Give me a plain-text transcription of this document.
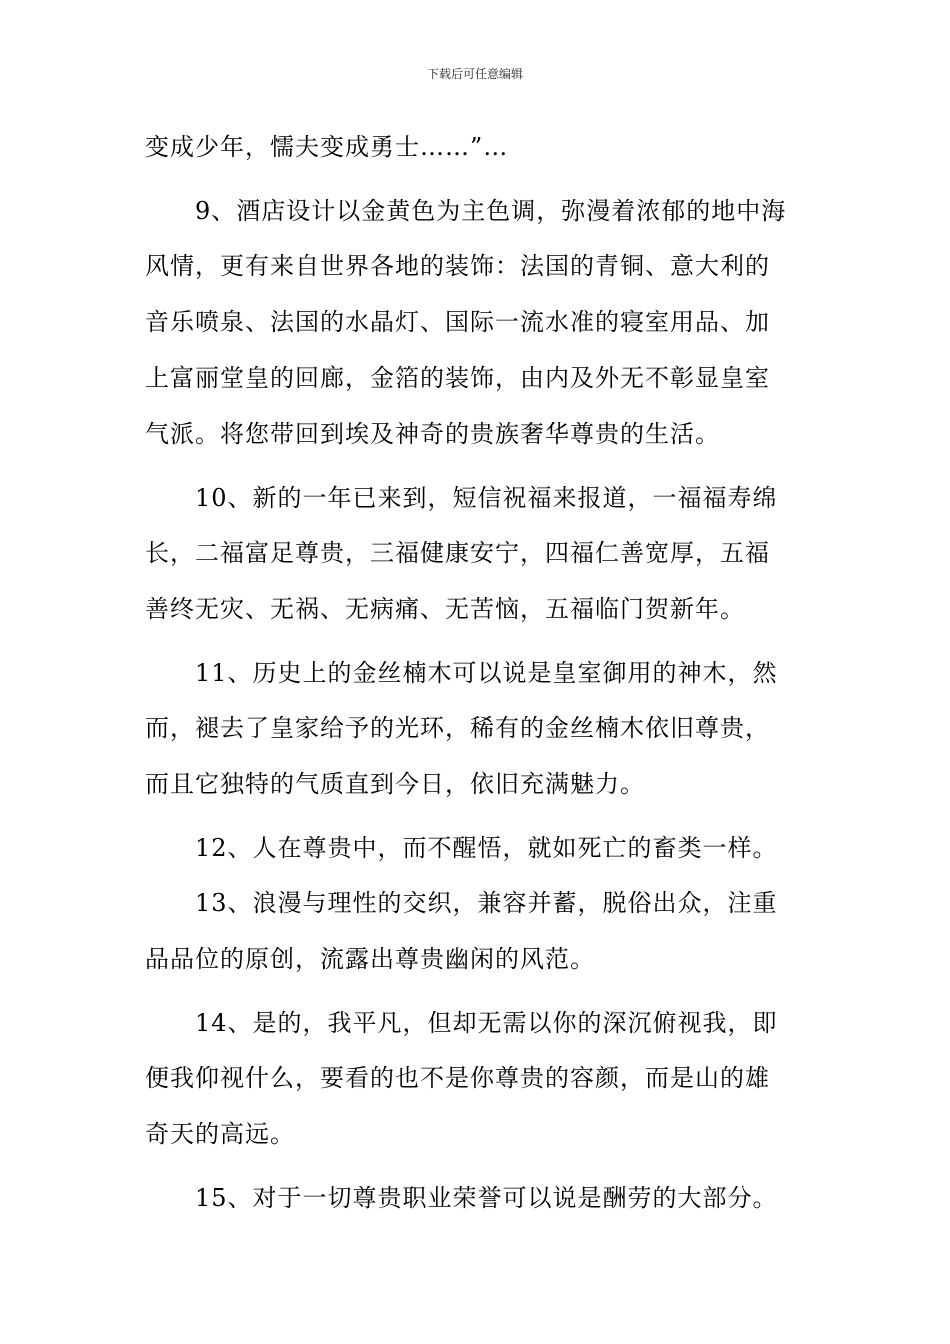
下载后可任意编辑
变成少年，懦夫变成勇士……”…
9、酒店设计以金黄色为主色调，弥漫着浓郁的地中海
风情，更有来自世界各地的装饰：法国的青铜、意大利的
音乐喷泉、法国的水晶灯、国际一流水准的寝室用品、加
上富丽堂皇的回廊，金箔的装饰，由内及外无不彰显皇室
气派。将您带回到埃及神奇的贵族奢华尊贵的生活。
10、新的一年已来到，短信祝福来报道，一福福寿绵
长，二福富足尊贵，三福健康安宁，四福仁善宽厚，五福
善终无灾、无祸、无病痛、无苦恼，五福临门贺新年。
11、历史上的金丝楠木可以说是皇室御用的神木，然
而，褪去了皇家给予的光环，稀有的金丝楠木依旧尊贵，
而且它独特的气质直到今日，依旧充满魅力。
12、人在尊贵中，而不醒悟，就如死亡的畜类一样。
13、浪漫与理性的交织，兼容并蓄，脱俗出众，注重
品品位的原创，流露出尊贵幽闲的风范。
14、是的，我平凡，但却无需以你的深沉俯视我，即
便我仰视什么，要看的也不是你尊贵的容颜，而是山的雄
奇天的高远。
15、对于一切尊贵职业荣誉可以说是酬劳的大部分。
